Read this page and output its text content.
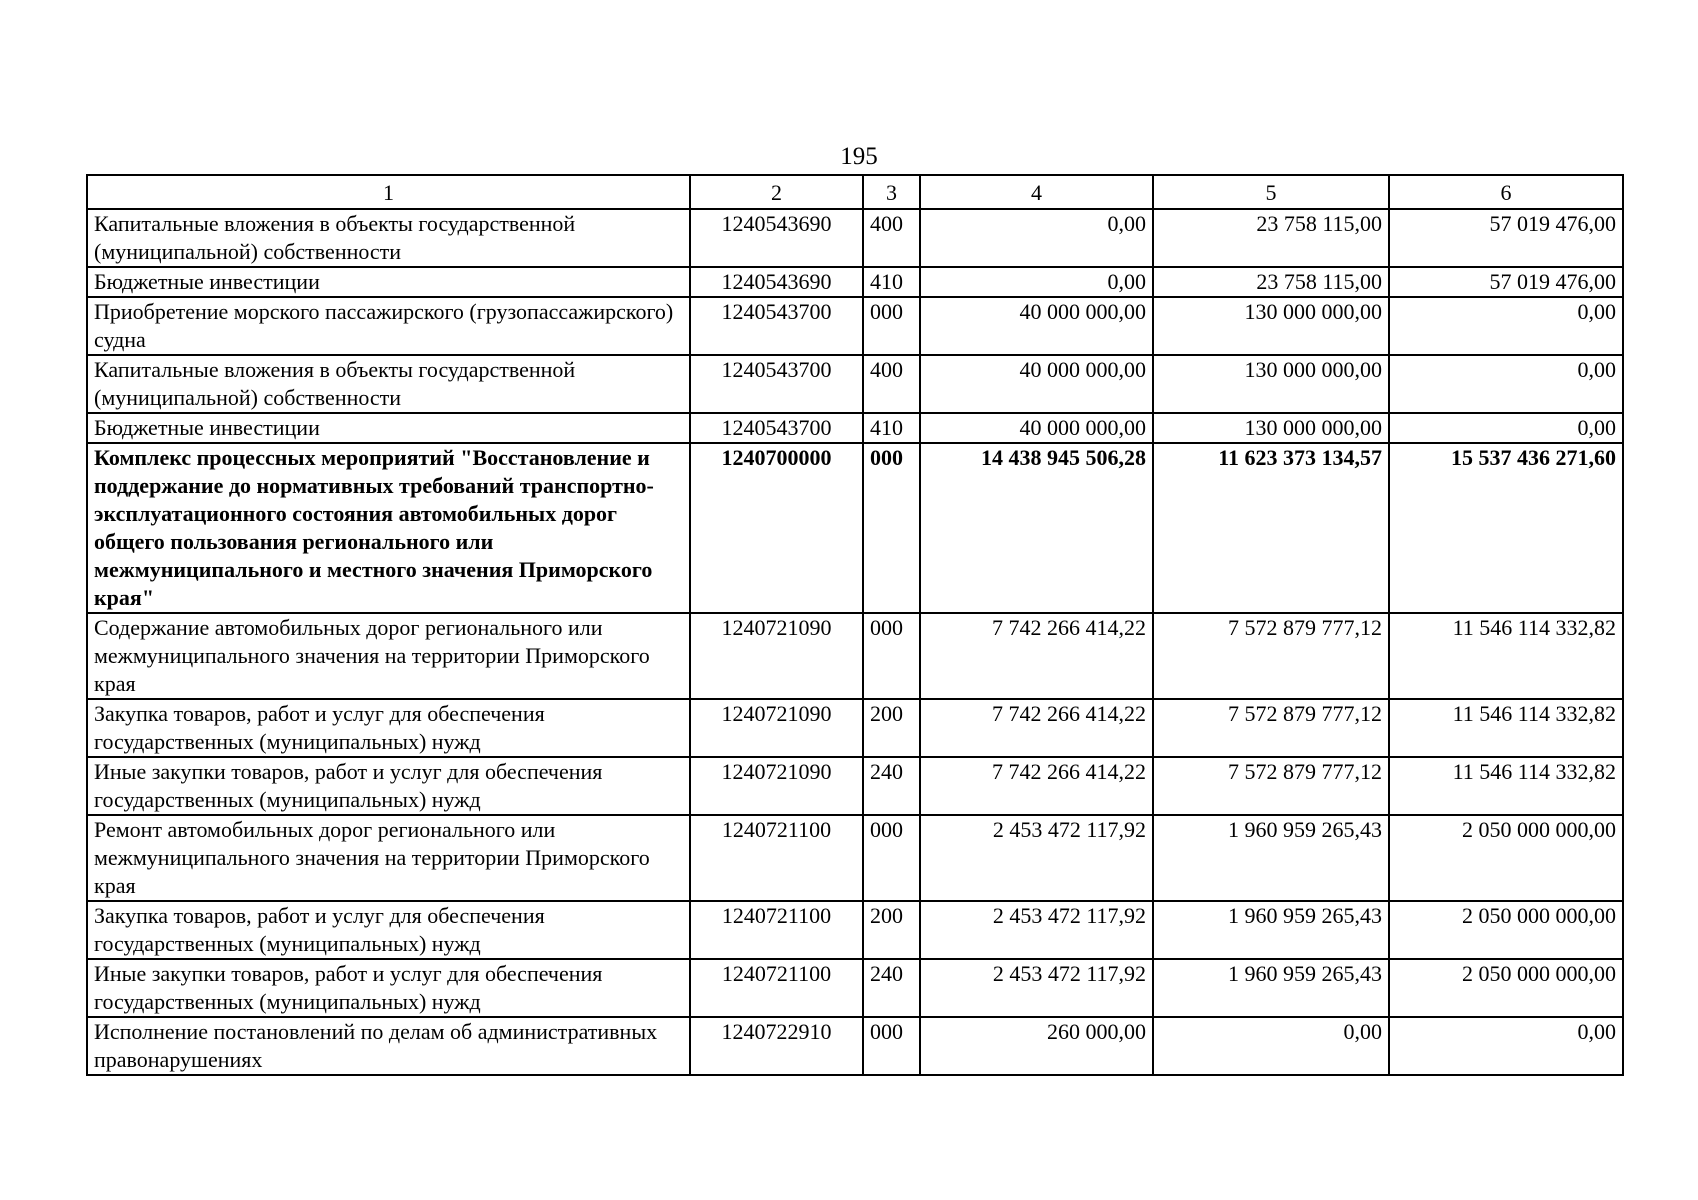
195
1	2	3	4	5	6
Капитальные вложения в объекты государственной (муниципальной) собственности	1240543690	400	0,00	23 758 115,00	57 019 476,00
Бюджетные инвестиции	1240543690	410	0,00	23 758 115,00	57 019 476,00
Приобретение морского пассажирского (грузопассажирского) судна	1240543700	000	40 000 000,00	130 000 000,00	0,00
Капитальные вложения в объекты государственной (муниципальной) собственности	1240543700	400	40 000 000,00	130 000 000,00	0,00
Бюджетные инвестиции	1240543700	410	40 000 000,00	130 000 000,00	0,00
Комплекс процессных мероприятий "Восстановление и поддержание до нормативных требований транспортно-эксплуатационного состояния автомобильных дорог общего пользования регионального или межмуниципального и местного значения Приморского края"	1240700000	000	14 438 945 506,28	11 623 373 134,57	15 537 436 271,60
Содержание автомобильных дорог регионального или межмуниципального значения на территории Приморского края	1240721090	000	7 742 266 414,22	7 572 879 777,12	11 546 114 332,82
Закупка товаров, работ и услуг для обеспечения государственных (муниципальных) нужд	1240721090	200	7 742 266 414,22	7 572 879 777,12	11 546 114 332,82
Иные закупки товаров, работ и услуг для обеспечения государственных (муниципальных) нужд	1240721090	240	7 742 266 414,22	7 572 879 777,12	11 546 114 332,82
Ремонт автомобильных дорог регионального или межмуниципального значения на территории Приморского края	1240721100	000	2 453 472 117,92	1 960 959 265,43	2 050 000 000,00
Закупка товаров, работ и услуг для обеспечения государственных (муниципальных) нужд	1240721100	200	2 453 472 117,92	1 960 959 265,43	2 050 000 000,00
Иные закупки товаров, работ и услуг для обеспечения государственных (муниципальных) нужд	1240721100	240	2 453 472 117,92	1 960 959 265,43	2 050 000 000,00
Исполнение постановлений по делам об административных правонарушениях	1240722910	000	260 000,00	0,00	0,00
